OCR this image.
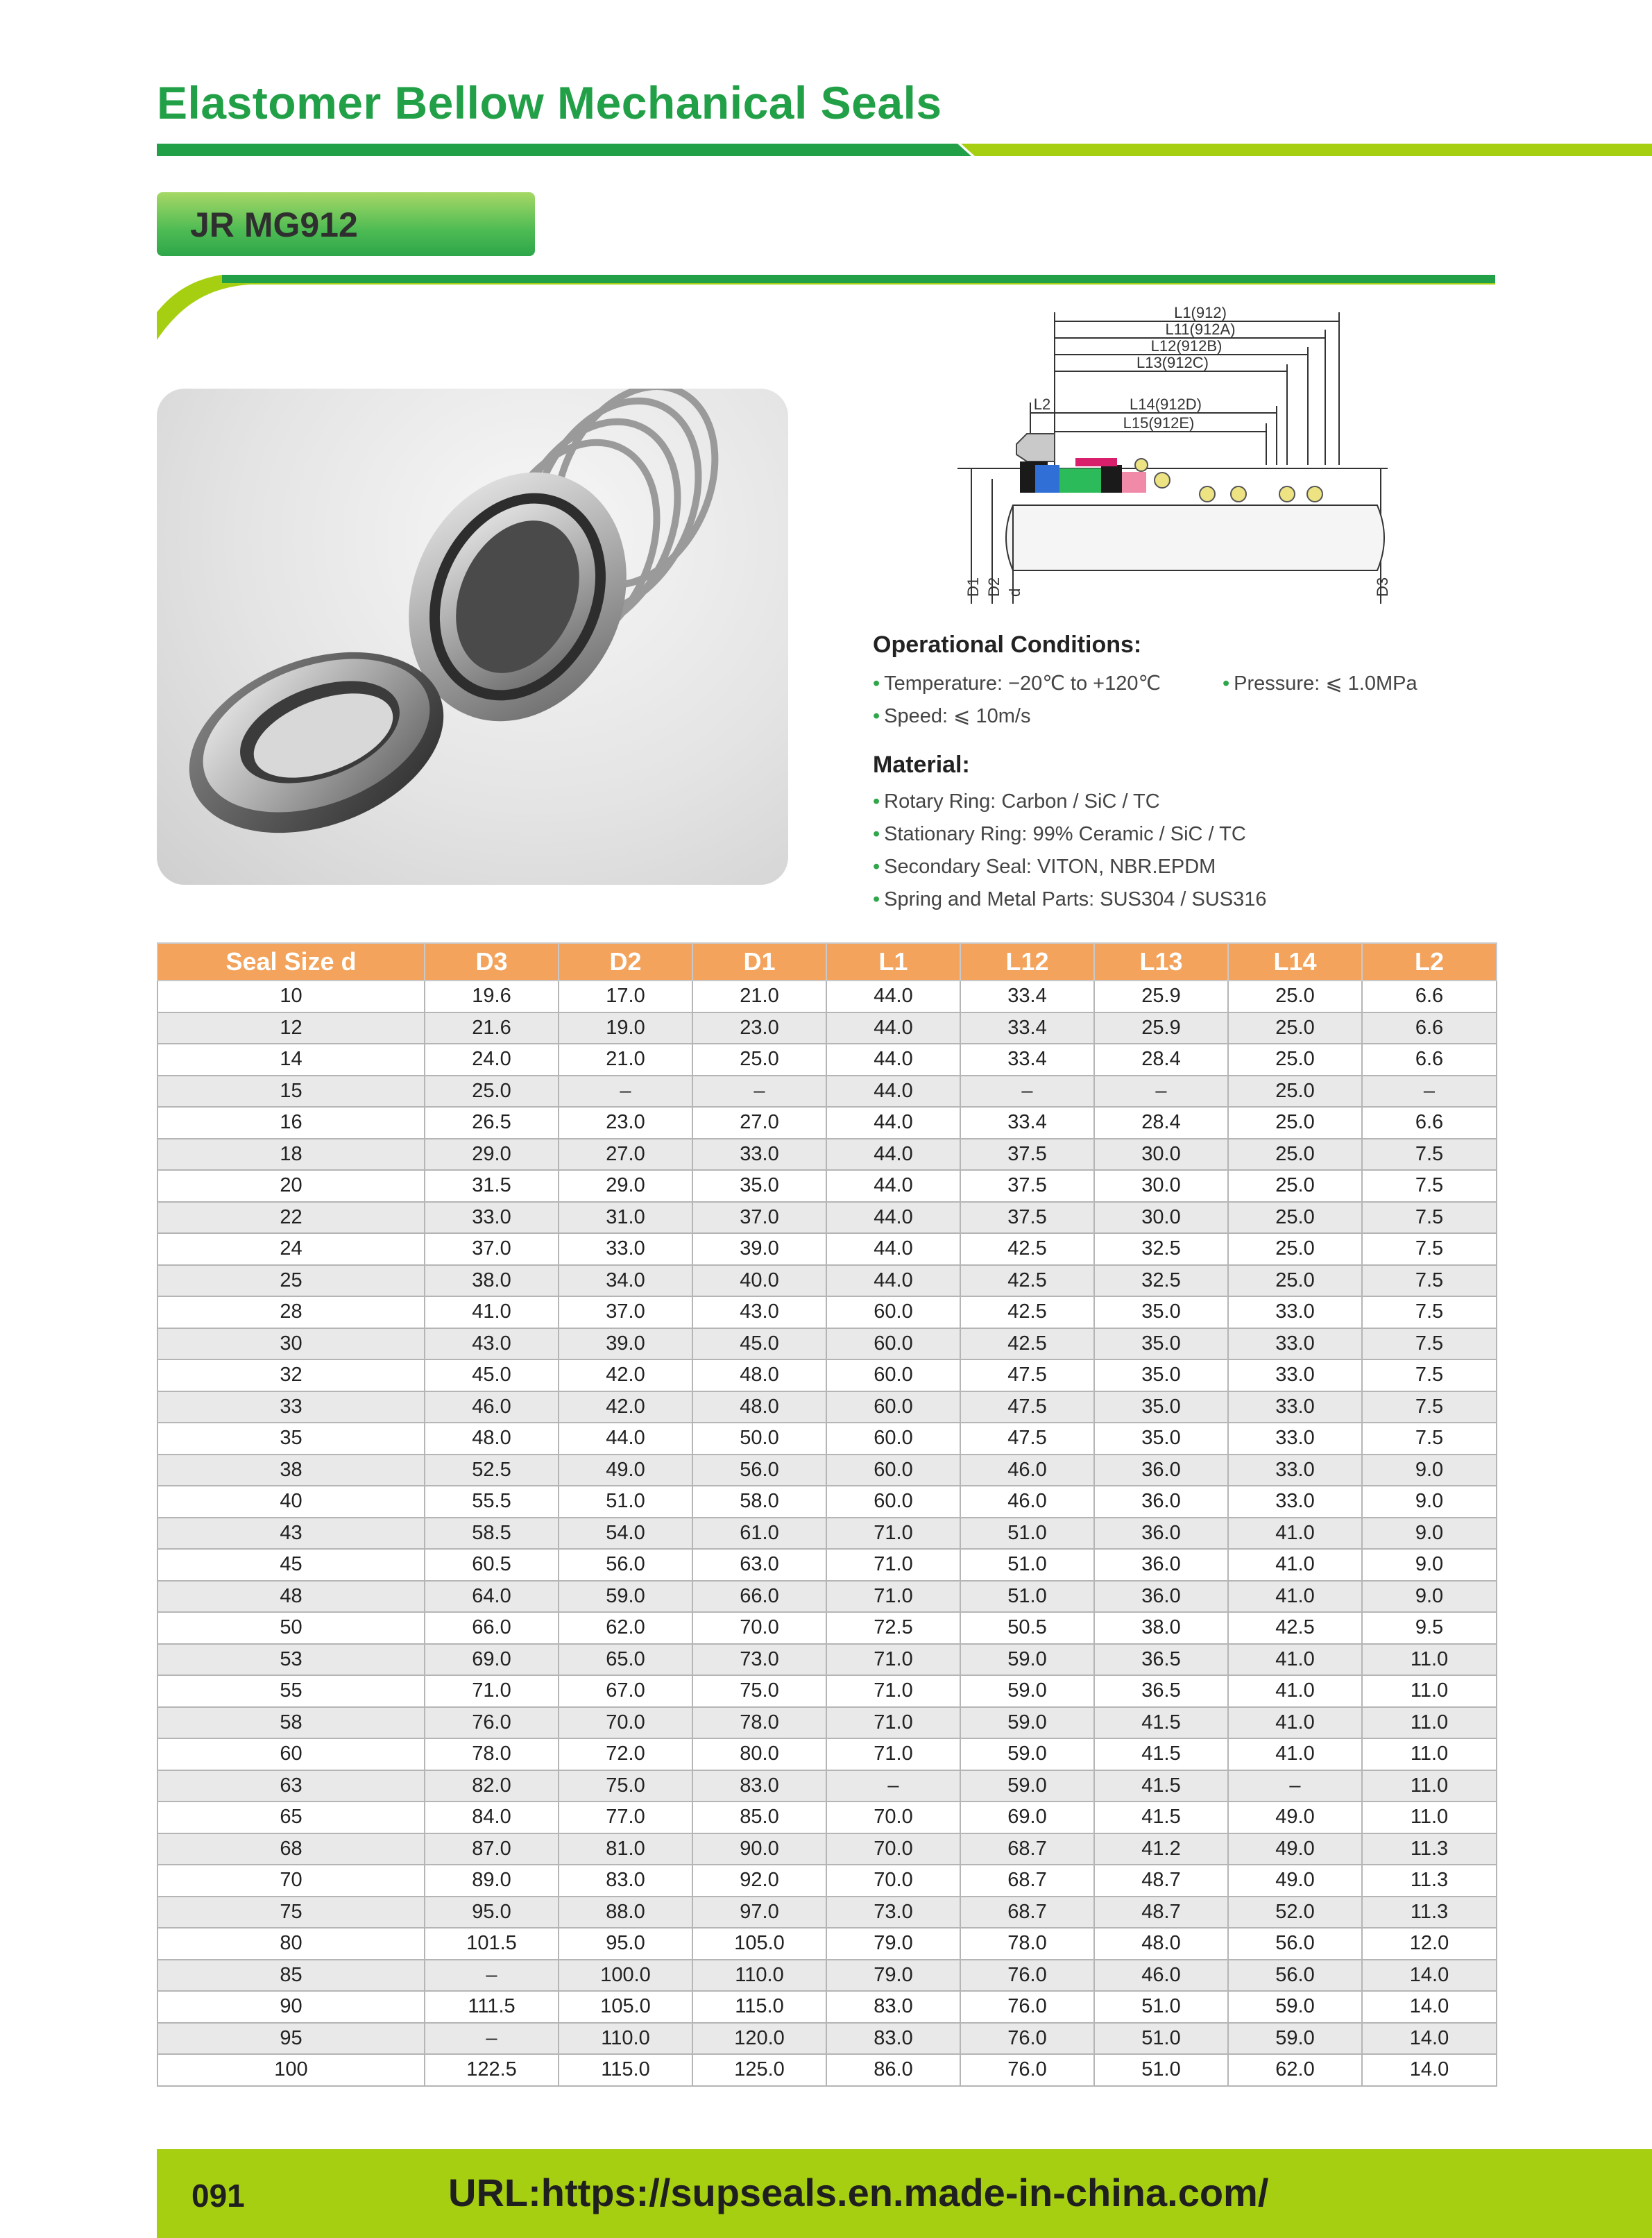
Elastomer Bellow Mechanical Seals
JR MG912
L1(912)
L11(912A)
L12(912B)
L13(912C)
L2	L14(912D)
L15(912E)
D1 D2 d	D3
Operational Conditions:
• Temperature: −20℃ to +120℃	• Pressure: ⩽ 1.0MPa
• Speed: ⩽ 10m/s
Material:
• Rotary Ring: Carbon / SiC / TC
• Stationary Ring: 99% Ceramic / SiC / TC
• Secondary Seal: VITON, NBR.EPDM
• Spring and Metal Parts: SUS304 / SUS316
Seal Size d	D3	D2	D1	L1	L12	L13	L14	L2
10	19.6	17.0	21.0	44.0	33.4	25.9	25.0	6.6
12	21.6	19.0	23.0	44.0	33.4	25.9	25.0	6.6
14	24.0	21.0	25.0	44.0	33.4	28.4	25.0	6.6
15	25.0	–	–	44.0	–	–	25.0	–
16	26.5	23.0	27.0	44.0	33.4	28.4	25.0	6.6
18	29.0	27.0	33.0	44.0	37.5	30.0	25.0	7.5
20	31.5	29.0	35.0	44.0	37.5	30.0	25.0	7.5
22	33.0	31.0	37.0	44.0	37.5	30.0	25.0	7.5
24	37.0	33.0	39.0	44.0	42.5	32.5	25.0	7.5
25	38.0	34.0	40.0	44.0	42.5	32.5	25.0	7.5
28	41.0	37.0	43.0	60.0	42.5	35.0	33.0	7.5
30	43.0	39.0	45.0	60.0	42.5	35.0	33.0	7.5
32	45.0	42.0	48.0	60.0	47.5	35.0	33.0	7.5
33	46.0	42.0	48.0	60.0	47.5	35.0	33.0	7.5
35	48.0	44.0	50.0	60.0	47.5	35.0	33.0	7.5
38	52.5	49.0	56.0	60.0	46.0	36.0	33.0	9.0
40	55.5	51.0	58.0	60.0	46.0	36.0	33.0	9.0
43	58.5	54.0	61.0	71.0	51.0	36.0	41.0	9.0
45	60.5	56.0	63.0	71.0	51.0	36.0	41.0	9.0
48	64.0	59.0	66.0	71.0	51.0	36.0	41.0	9.0
50	66.0	62.0	70.0	72.5	50.5	38.0	42.5	9.5
53	69.0	65.0	73.0	71.0	59.0	36.5	41.0	11.0
55	71.0	67.0	75.0	71.0	59.0	36.5	41.0	11.0
58	76.0	70.0	78.0	71.0	59.0	41.5	41.0	11.0
60	78.0	72.0	80.0	71.0	59.0	41.5	41.0	11.0
63	82.0	75.0	83.0	–	59.0	41.5	–	11.0
65	84.0	77.0	85.0	70.0	69.0	41.5	49.0	11.0
68	87.0	81.0	90.0	70.0	68.7	41.2	49.0	11.3
70	89.0	83.0	92.0	70.0	68.7	48.7	49.0	11.3
75	95.0	88.0	97.0	73.0	68.7	48.7	52.0	11.3
80	101.5	95.0	105.0	79.0	78.0	48.0	56.0	12.0
85	–	100.0	110.0	79.0	76.0	46.0	56.0	14.0
90	111.5	105.0	115.0	83.0	76.0	51.0	59.0	14.0
95	–	110.0	120.0	83.0	76.0	51.0	59.0	14.0
100	122.5	115.0	125.0	86.0	76.0	51.0	62.0	14.0
091	URL:https://supseals.en.made-in-china.com/
